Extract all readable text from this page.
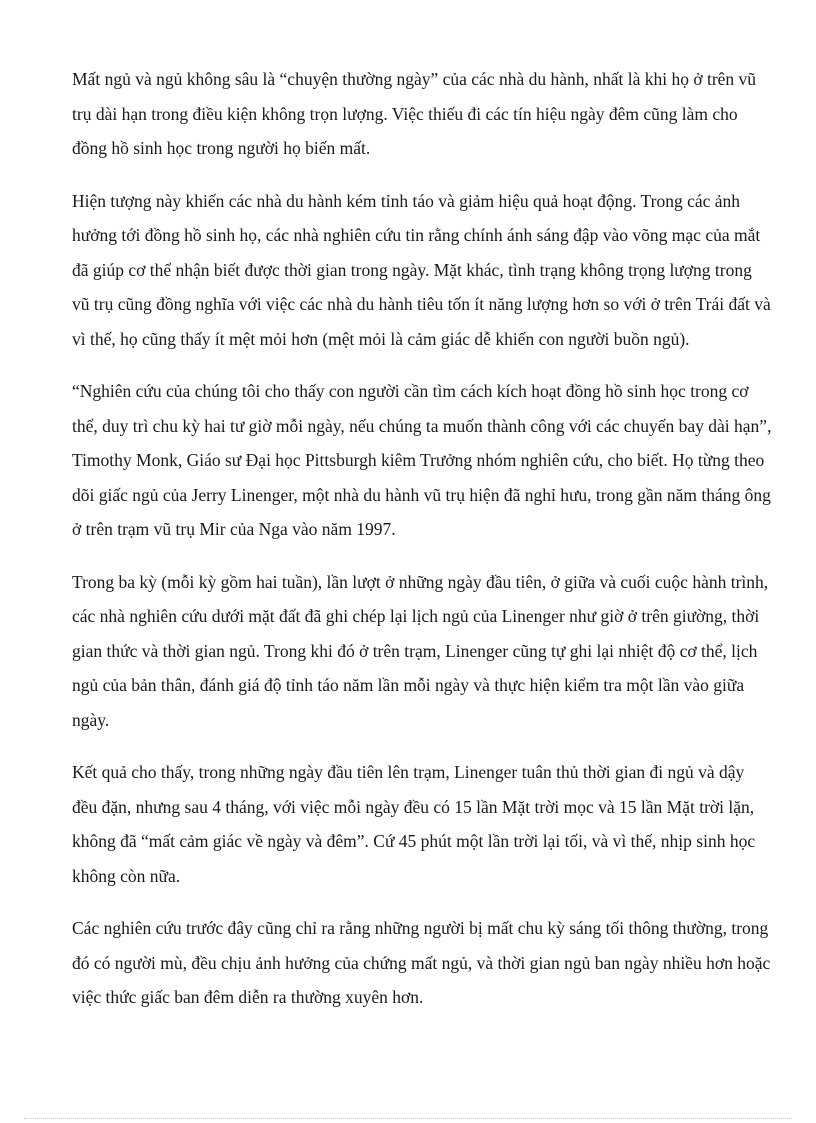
Mất ngủ và ngủ không sâu là “chuyện thường ngày” của các nhà du hành, nhất là khi họ ở trên vũ trụ dài hạn trong điều kiện không trọn lượng. Việc thiếu đi các tín hiệu ngày đêm cũng làm cho đồng hồ sinh học trong người họ biến mất.

Hiện tượng này khiến các nhà du hành kém tỉnh táo và giảm hiệu quả hoạt động. Trong các ảnh hưởng tới đồng hồ sinh họ, các nhà nghiên cứu tin rằng chính ánh sáng đập vào võng mạc của mắt đã giúp cơ thể nhận biết được thời gian trong ngày. Mặt khác, tình trạng không trọng lượng trong vũ trụ cũng đồng nghĩa với việc các nhà du hành tiêu tốn ít năng lượng hơn so với ở trên Trái đất và vì thế, họ cũng thấy ít mệt mỏi hơn (mệt mỏi là cảm giác dễ khiến con người buồn ngủ).

“Nghiên cứu của chúng tôi cho thấy con người cần tìm cách kích hoạt đồng hồ sinh học trong cơ thể, duy trì chu kỳ hai tư giờ mỗi ngày, nếu chúng ta muốn thành công với các chuyến bay dài hạn”, Timothy Monk, Giáo sư Đại học Pittsburgh kiêm Trưởng nhóm nghiên cứu, cho biết. Họ từng theo dõi giấc ngủ của Jerry Linenger, một nhà du hành vũ trụ hiện đã nghỉ hưu, trong gần năm tháng ông ở trên trạm vũ trụ Mir của Nga vào năm 1997.

Trong ba kỳ (mỗi kỳ gồm hai tuần), lần lượt ở những ngày đầu tiên, ở giữa và cuối cuộc hành trình, các nhà nghiên cứu dưới mặt đất đã ghi chép lại lịch ngủ của Linenger như giờ ở trên giường, thời gian thức và thời gian ngủ. Trong khi đó ở trên trạm, Linenger cũng tự ghi lại nhiệt độ cơ thể, lịch ngủ của bản thân, đánh giá độ tỉnh táo năm lần mỗi ngày và thực hiện kiểm tra một lần vào giữa ngày.

Kết quả cho thấy, trong những ngày đầu tiên lên trạm, Linenger tuân thủ thời gian đi ngủ và dậy đều đặn, nhưng sau 4 tháng, với việc mỗi ngày đều có 15 lần Mặt trời mọc và 15 lần Mặt trời lặn, không đã “mất cảm giác về ngày và đêm”. Cứ 45 phút một lần trời lại tối, và vì thế, nhịp sinh học không còn nữa.

Các nghiên cứu trước đây cũng chỉ ra rằng những người bị mất chu kỳ sáng tối thông thường, trong đó có người mù, đều chịu ảnh hưởng của chứng mất ngủ, và thời gian ngủ ban ngày nhiều hơn hoặc việc thức giấc ban đêm diễn ra thường xuyên hơn.
